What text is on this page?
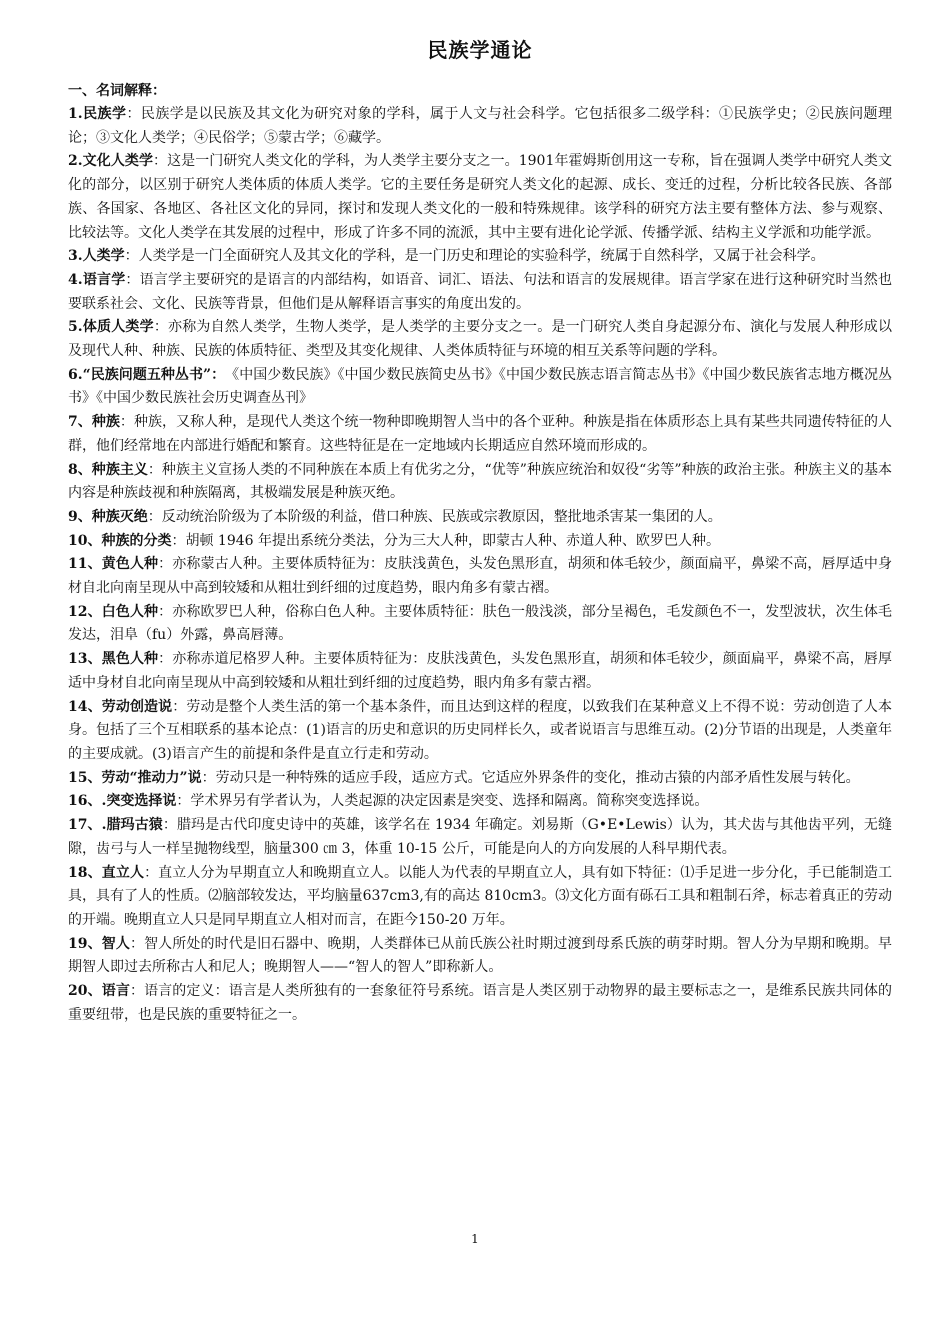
民族学通论

一、名词解释：

1.民族学：民族学是以民族及其文化为研究对象的学科，属于人文与社会科学。它包括很多二级学科：①民族学史；②民族问题理论；③文化人类学；④民俗学；⑤蒙古学；⑥藏学。

2.文化人类学：这是一门研究人类文化的学科，为人类学主要分支之一。1901年霍姆斯创用这一专称，旨在强调人类学中研究人类文化的部分，以区别于研究人类体质的体质人类学。它的主要任务是研究人类文化的起源、成长、变迁的过程，分析比较各民族、各部族、各国家、各地区、各社区文化的异同，探讨和发现人类文化的一般和特殊规律。该学科的研究方法主要有整体方法、参与观察、比较法等。文化人类学在其发展的过程中，形成了许多不同的流派，其中主要有进化论学派、传播学派、结构主义学派和功能学派。

3.人类学：人类学是一门全面研究人及其文化的学科，是一门历史和理论的实验科学，统属于自然科学，又属于社会科学。

4.语言学：语言学主要研究的是语言的内部结构，如语音、词汇、语法、句法和语言的发展规律。语言学家在进行这种研究时当然也要联系社会、文化、民族等背景，但他们是从解释语言事实的角度出发的。

5.体质人类学：亦称为自然人类学，生物人类学，是人类学的主要分支之一。是一门研究人类自身起源分布、演化与发展人种形成以及现代人种、种族、民族的体质特征、类型及其变化规律、人类体质特征与环境的相互关系等问题的学科。

6.“民族问题五种丛书”：　《中国少数民族》《中国少数民族简史丛书》《中国少数民族志语言简志丛书》《中国少数民族省志地方概况丛书》《中国少数民族社会历史调查丛刊》

7、种族：种族，又称人种，是现代人类这个统一物种即晚期智人当中的各个亚种。种族是指在体质形态上具有某些共同遗传特征的人群，他们经常地在内部进行婚配和繁育。这些特征是在一定地域内长期适应自然环境而形成的。

8、种族主义：种族主义宣扬人类的不同种族在本质上有优劣之分，“优等”种族应统治和奴役“劣等”种族的政治主张。种族主义的基本内容是种族歧视和种族隔离，其极端发展是种族灭绝。

9、种族灭绝：反动统治阶级为了本阶级的利益，借口种族、民族或宗教原因，整批地杀害某一集团的人。

10、种族的分类：胡顿 1946 年提出系统分类法，分为三大人种，即蒙古人种、赤道人种、欧罗巴人种。

11、黄色人种：亦称蒙古人种。主要体质特征为：皮肤浅黄色，头发色黑形直，胡须和体毛较少，颜面扁平，鼻梁不高，唇厚适中身材自北向南呈现从中高到较矮和从粗壮到纤细的过度趋势，眼内角多有蒙古褶。

12、白色人种：亦称欧罗巴人种，俗称白色人种。主要体质特征：肤色一般浅淡，部分呈褐色，毛发颜色不一，发型波状，次生体毛发达，泪阜（fu）外露，鼻高唇薄。

13、黑色人种：亦称赤道尼格罗人种。主要体质特征为：皮肤浅黄色，头发色黑形直，胡须和体毛较少，颜面扁平，鼻梁不高，唇厚适中身材自北向南呈现从中高到较矮和从粗壮到纤细的过度趋势，眼内角多有蒙古褶。

14、劳动创造说：劳动是整个人类生活的第一个基本条件，而且达到这样的程度，以致我们在某种意义上不得不说：劳动创造了人本身。包括了三个互相联系的基本论点：(1)语言的历史和意识的历史同样长久，或者说语言与思维互动。(2)分节语的出现是，人类童年的主要成就。(3)语言产生的前提和条件是直立行走和劳动。

15、劳动“推动力”说：劳动只是一种特殊的适应手段，适应方式。它适应外界条件的变化，推动古猿的内部矛盾性发展与转化。

16、.突变选择说：学术界另有学者认为，人类起源的决定因素是突变、选择和隔离。简称突变选择说。

17、.腊玛古猿：腊玛是古代印度史诗中的英雄，该学名在 1934 年确定。刘易斯（G•E•Lewis）认为，其犬齿与其他齿平列，无缝隙，齿弓与人一样呈抛物线型，脑量300 ㎝ 3，体重 10-15 公斤，可能是向人的方向发展的人科早期代表。

18、直立人：直立人分为早期直立人和晚期直立人。以能人为代表的早期直立人，具有如下特征：⑴手足进一步分化，手已能制造工具，具有了人的性质。⑵脑部较发达，平均脑量637cm3,有的高达 810cm3。⑶文化方面有砾石工具和粗制石斧，标志着真正的劳动的开端。晚期直立人只是同早期直立人相对而言，在距今150-20 万年。

19、智人：智人所处的时代是旧石器中、晚期，人类群体已从前氏族公社时期过渡到母系氏族的萌芽时期。智人分为早期和晚期。早期智人即过去所称古人和尼人；晚期智人——“智人的智人”即称新人。

20、语言：语言的定义：语言是人类所独有的一套象征符号系统。语言是人类区别于动物界的最主要标志之一，是维系民族共同体的重要纽带，也是民族的重要特征之一。

1
